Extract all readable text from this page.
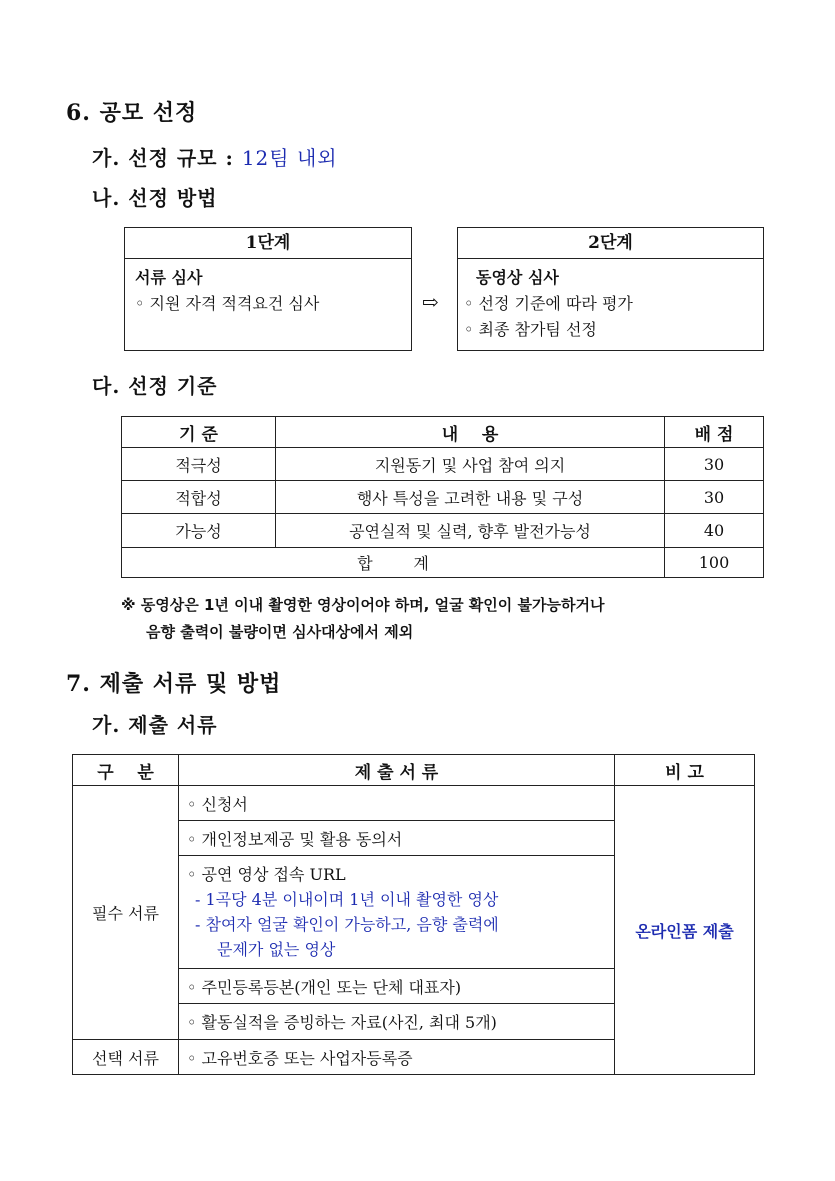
6. 공모 선정
가. 선정 규모 : 12팀 내외
나. 선정 방법
1단계
서류 심사
◦ 지원 자격 적격요건 심사	⇨
2단계
동영상 심사
◦ 선정 기준에 따라 평가
◦ 최종 참가팀 선정
다. 선정 기준
기 준	내    용	배 점
적극성	지원동기 및 사업 참여 의지	30
적합성	행사 특성을 고려한 내용 및 구성	30
가능성	공연실적 및 실력, 향후 발전가능성	40
합        계		100
※ 동영상은 1년 이내 촬영한 영상이어야 하며, 얼굴 확인이 불가능하거나
음향 출력이 불량이면 심사대상에서 제외
7. 제출 서류 및 방법
가. 제출 서류
구    분	제 출 서 류	비 고
필수 서류	◦ 신청서	온라인폼 제출
	◦ 개인정보제공 및 활용 동의서	

	◦ 공연 영상 접속 URL
- 1곡당 4분 이내이며 1년 이내 촬영한 영상
- 참여자 얼굴 확인이 가능하고, 음향 출력에
문제가 없는 영상	

	◦ 주민등록등본(개인 또는 단체 대표자)	
	◦ 활동실적을 증빙하는 자료(사진, 최대 5개)	
선택 서류	◦ 고유번호증 또는 사업자등록증	
